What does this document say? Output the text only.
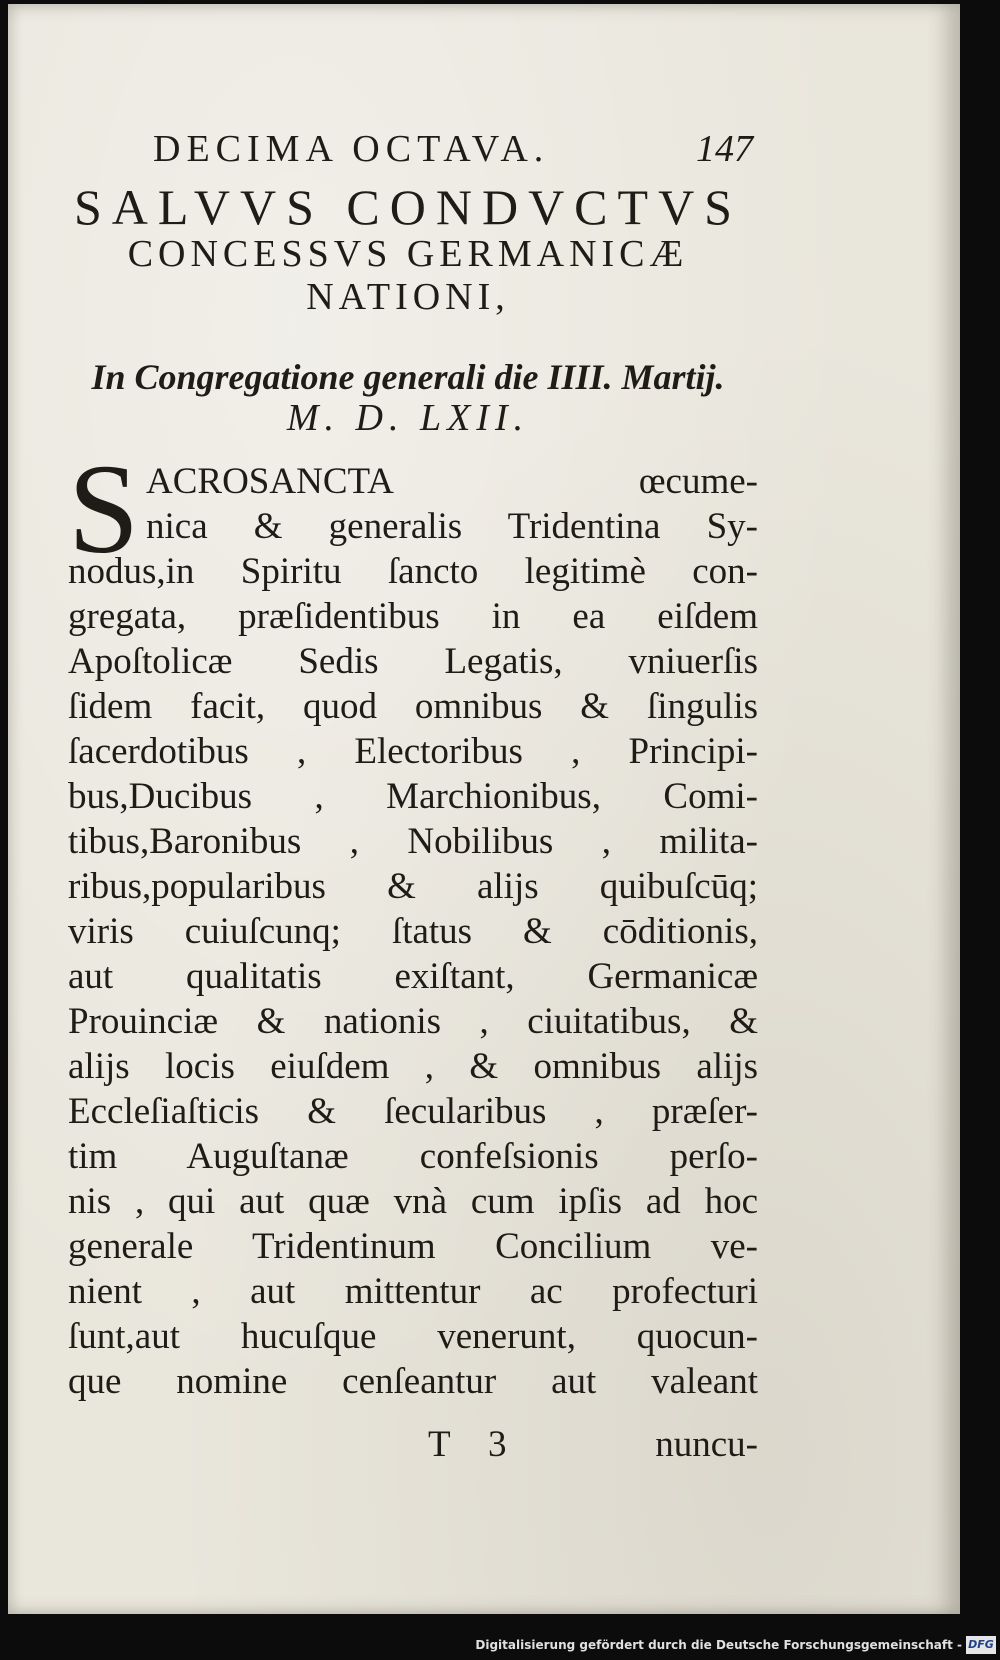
DECIMA OCTAVA.	147
SALVVS CONDVCTVS
CONCESSVS GERMANICÆ
NATIONI,
In Congregatione generali die IIII. Martij.
M. D. LXII.
S ACROSANCTA œcume-
nica & generalis Tridentina Sy-
nodus,in Spiritu ſancto legitimè con-
gregata, præſidentibus in ea eiſdem
Apoſtolicæ Sedis Legatis, vniuerſis
ſidem facit, quod omnibus & ſingulis
ſacerdotibus , Electoribus , Principi-
bus,Ducibus , Marchionibus, Comi-
tibus,Baronibus , Nobilibus , milita-
ribus,popularibus & alijs quibuſcūq;
viris cuiuſcunq; ſtatus & cōditionis,
aut qualitatis exiſtant, Germanicæ
Prouinciæ & nationis , ciuitatibus, &
alijs locis eiuſdem , & omnibus alijs
Eccleſiaſticis & ſecularibus , præſer-
tim Auguſtanæ confeſsionis perſo-
nis , qui aut quæ vnà cum ipſis ad hoc
generale Tridentinum Concilium ve-
nient , aut mittentur ac profecturi
ſunt,aut hucuſque venerunt, quocun-
que nomine cenſeantur aut valeant
T 3	nuncu-
Digitalisierung gefördert durch die Deutsche Forschungsgemeinschaft - DFG
